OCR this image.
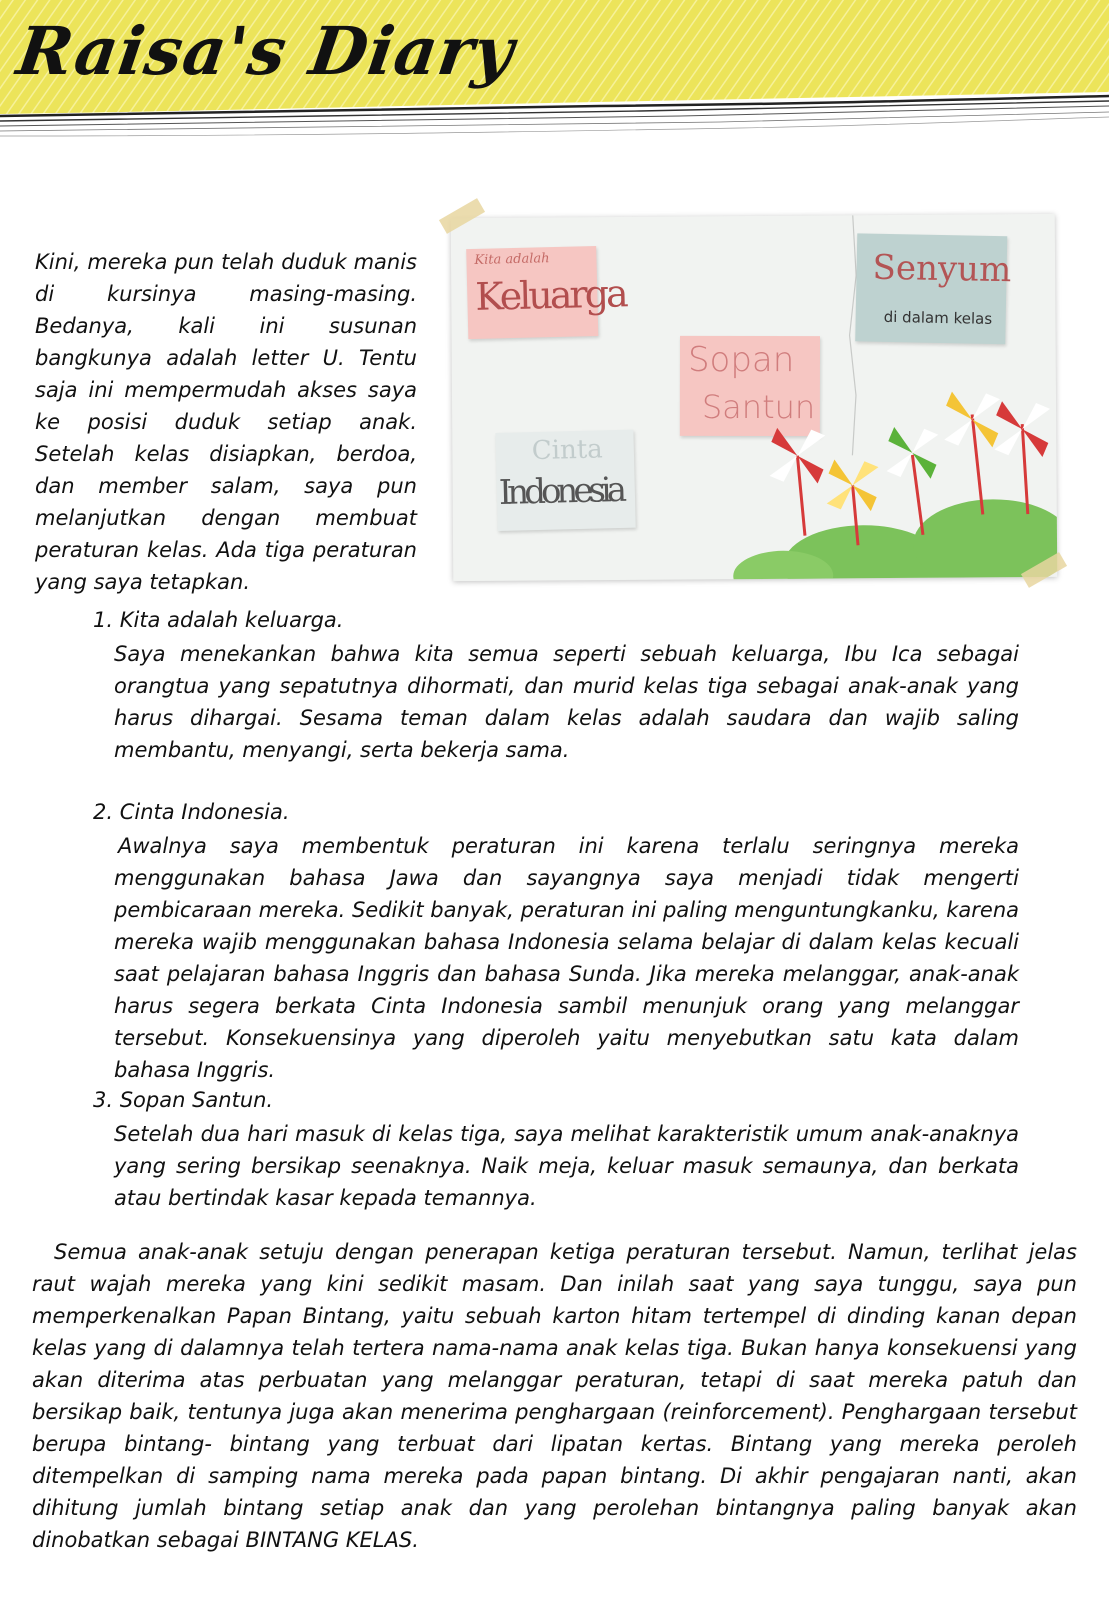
Raisa's Diary

Kini, mereka pun telah duduk manis di kursinya masing-masing. Bedanya, kali ini susunan bangkunya adalah letter U. Tentu saja ini mempermudah akses saya ke posisi duduk setiap anak. Setelah kelas disiapkan, berdoa, dan member salam, saya pun melanjutkan dengan membuat peraturan kelas. Ada tiga peraturan yang saya tetapkan.

Kita adalah
Keluarga
Senyum
di dalam kelas
Sopan
Santun
Cinta
Indonesia

1. Kita adalah keluarga.

Saya menekankan bahwa kita semua seperti sebuah keluarga, Ibu Ica sebagai orangtua yang sepatutnya dihormati, dan murid kelas tiga sebagai anak-anak yang harus dihargai. Sesama teman dalam kelas adalah saudara dan wajib saling membantu, menyangi, serta bekerja sama.

2. Cinta Indonesia.

Awalnya saya membentuk peraturan ini karena terlalu seringnya mereka menggunakan bahasa Jawa dan sayangnya saya menjadi tidak mengerti pembicaraan mereka. Sedikit banyak, peraturan ini paling menguntungkanku, karena mereka wajib menggunakan bahasa Indonesia selama belajar di dalam kelas kecuali saat pelajaran bahasa Inggris dan bahasa Sunda. Jika mereka melanggar, anak-anak harus segera berkata Cinta Indonesia sambil menunjuk orang yang melanggar tersebut. Konsekuensinya yang diperoleh yaitu menyebutkan satu kata dalam bahasa Inggris.

3. Sopan Santun.

Setelah dua hari masuk di kelas tiga, saya melihat karakteristik umum anak-anaknya yang sering bersikap seenaknya. Naik meja, keluar masuk semaunya, dan berkata atau bertindak kasar kepada temannya.

Semua anak-anak setuju dengan penerapan ketiga peraturan tersebut. Namun, terlihat jelas raut wajah mereka yang kini sedikit masam. Dan inilah saat yang saya tunggu, saya pun memperkenalkan Papan Bintang, yaitu sebuah karton hitam tertempel di dinding kanan depan kelas yang di dalamnya telah tertera nama-nama anak kelas tiga. Bukan hanya konsekuensi yang akan diterima atas perbuatan yang melanggar peraturan, tetapi di saat mereka patuh dan bersikap baik, tentunya juga akan menerima penghargaan (reinforcement). Penghargaan tersebut berupa bintang- bintang yang terbuat dari lipatan kertas. Bintang yang mereka peroleh ditempelkan di samping nama mereka pada papan bintang. Di akhir pengajaran nanti, akan dihitung jumlah bintang setiap anak dan yang perolehan bintangnya paling banyak akan dinobatkan sebagai BINTANG KELAS.
